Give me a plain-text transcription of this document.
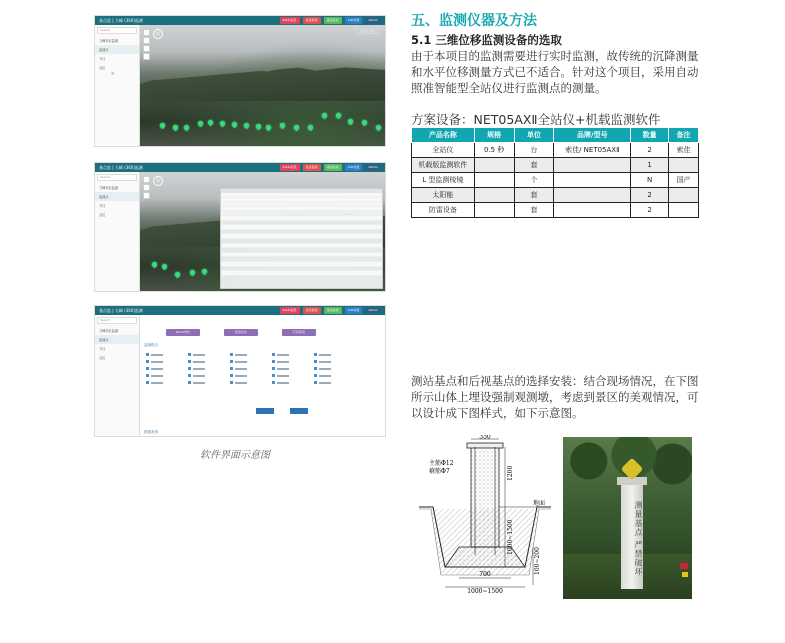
基点监 | 九峰 (360)监测	4(44)信息	在线监控	基站监控	100台数	Admin
Search
九峰项目监测
监测点
今日
点位
«
☼	监测点视图
基点监 | 九峰 (360)监测	4(44)信息	在线监控	基站监控	100台数	Admin
Search
九峰项目监测
监测点
今日
点位
☼
基点监 | 九峰 (360)监测	4(44)信息	在线监控	基站监控	100台数	Admin
Search
九峰项目监测
监测点
今日
点位
Excel导出	报表导出	打印报表
监测报告
数据查询
软件界面示意图
五、监测仪器及方法
5.1 三维位移监测设备的选取
由于本项目的监测需要进行实时监测，故传统的沉降测量和水平位移测量方式已不适合。针对这个项目，采用自动照准智能型全站仪进行监测点的测量。
方案设备：NET05AXⅡ全站仪+机载监测软件
产品名称	规格	单位	品牌/型号	数量	备注
全站仪	0.5 秒	台	索佳/ NET05AXⅡ	2	索佳
机载版监测软件		套		1	
L 型监测棱镜		个		N	国产
太阳能		套		2	
防雷设备		套		2	
测站基点和后视基点的选择安装：结合现场情况，在下图所示山体上埋设强制观测墩，考虑到景区的美观情况，可以设计成下图样式，如下示意图。
350
主筋Φ12
箍筋Φ7	1200
地面
1000~1500
100~200
700
1000~1500
测量基点 严禁破坏
